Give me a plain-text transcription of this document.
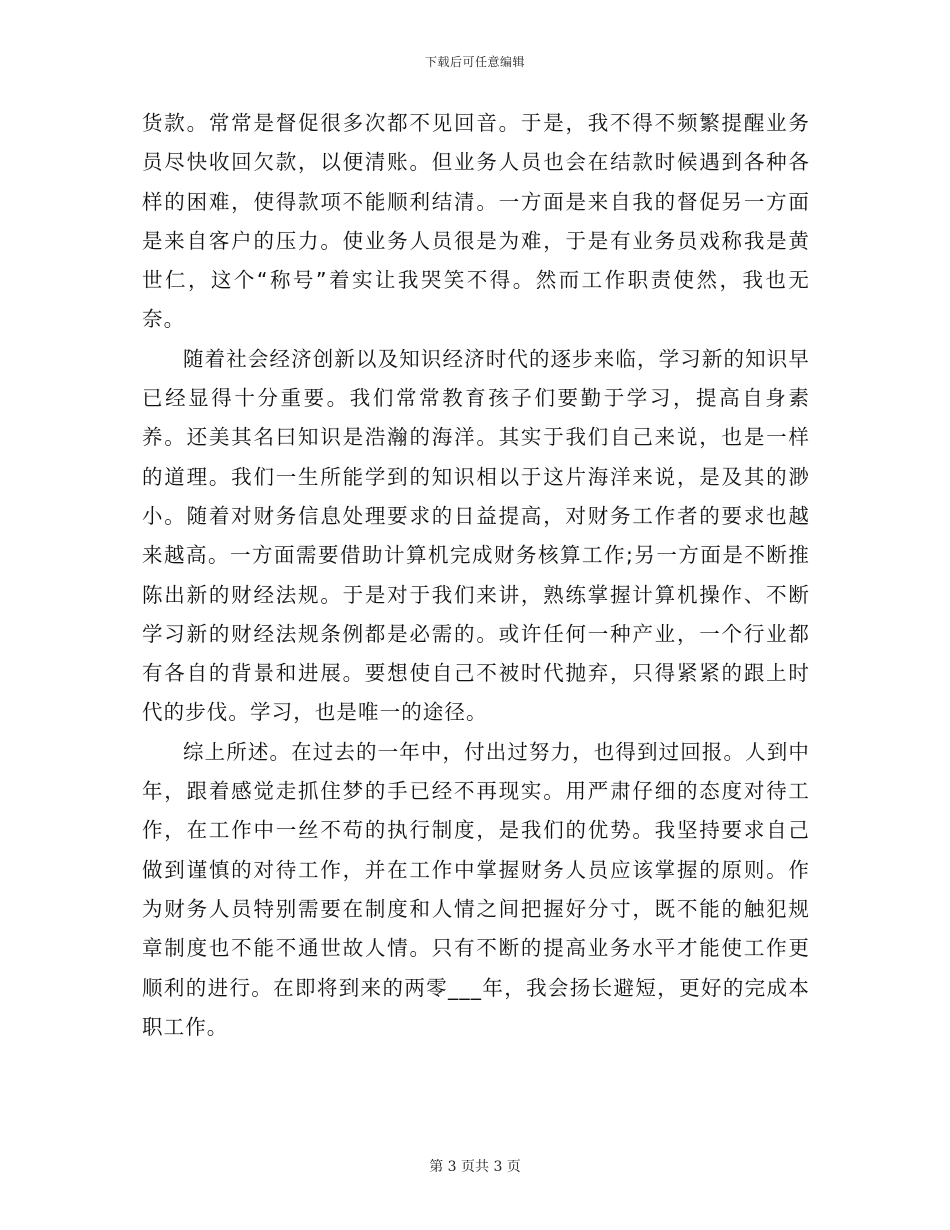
下载后可任意编辑

货款。常常是督促很多次都不见回音。于是，我不得不频繁提醒业务员尽快收回欠款，以便清账。但业务人员也会在结款时候遇到各种各样的困难，使得款项不能顺利结清。一方面是来自我的督促另一方面是来自客户的压力。使业务人员很是为难，于是有业务员戏称我是黄世仁，这个“称号”着实让我哭笑不得。然而工作职责使然，我也无奈。

随着社会经济创新以及知识经济时代的逐步来临，学习新的知识早已经显得十分重要。我们常常教育孩子们要勤于学习，提高自身素养。还美其名曰知识是浩瀚的海洋。其实于我们自己来说，也是一样的道理。我们一生所能学到的知识相以于这片海洋来说，是及其的渺小。随着对财务信息处理要求的日益提高，对财务工作者的要求也越来越高。一方面需要借助计算机完成财务核算工作;另一方面是不断推陈出新的财经法规。于是对于我们来讲，熟练掌握计算机操作、不断学习新的财经法规条例都是必需的。或许任何一种产业，一个行业都有各自的背景和进展。要想使自己不被时代抛弃，只得紧紧的跟上时代的步伐。学习，也是唯一的途径。

综上所述。在过去的一年中，付出过努力，也得到过回报。人到中年，跟着感觉走抓住梦的手已经不再现实。用严肃仔细的态度对待工作，在工作中一丝不苟的执行制度，是我们的优势。我坚持要求自己做到谨慎的对待工作，并在工作中掌握财务人员应该掌握的原则。作为财务人员特别需要在制度和人情之间把握好分寸，既不能的触犯规章制度也不能不通世故人情。只有不断的提高业务水平才能使工作更顺利的进行。在即将到来的两零___年，我会扬长避短，更好的完成本职工作。

第 3 页共 3 页
